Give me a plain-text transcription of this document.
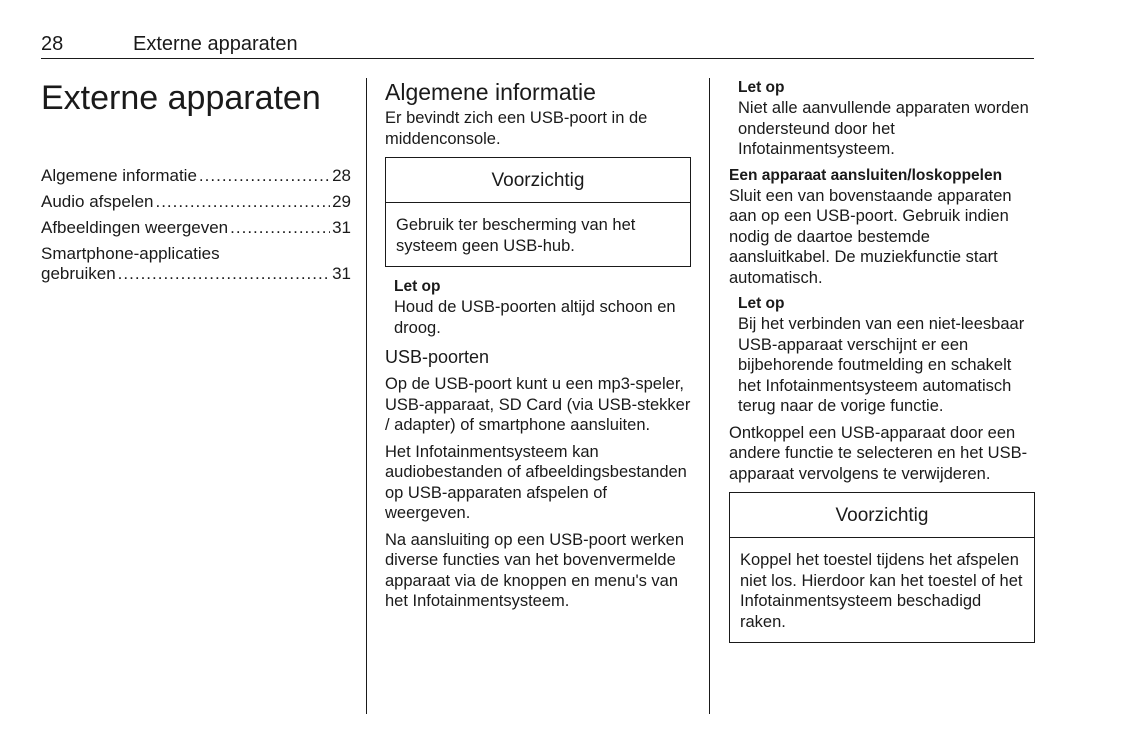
28	Externe apparaten
Externe apparaten
Algemene informatie .....	28
Audio afspelen .....	29
Afbeeldingen weergeven .....	31
Smartphone-applicaties
gebruiken .....	31
Algemene informatie

Er bevindt zich een USB-poort in de middenconsole.

Voorzichtig
Gebruik ter bescherming van het systeem geen USB-hub.
Let op
Houd de USB-poorten altijd schoon en droog.
USB-poorten

Op de USB-poort kunt u een mp3-speler, USB-apparaat, SD Card (via USB-stekker / adapter) of smartphone aansluiten.

Het Infotainmentsysteem kan audiobestanden of afbeeldingsbestanden op USB-apparaten afspelen of weergeven.

Na aansluiting op een USB-poort werken diverse functies van het bovenvermelde apparaat via de knoppen en menu's van het Infotainmentsysteem.

Let op
Niet alle aanvullende apparaten worden ondersteund door het Infotainmentsysteem.
Een apparaat aansluiten/loskoppelen

Sluit een van bovenstaande apparaten aan op een USB-poort. Gebruik indien nodig de daartoe bestemde aansluitkabel. De muziekfunctie start automatisch.

Let op
Bij het verbinden van een niet-leesbaar USB-apparaat verschijnt er een bijbehorende foutmelding en schakelt het Infotainmentsysteem automatisch terug naar de vorige functie.

Ontkoppel een USB-apparaat door een andere functie te selecteren en het USB-apparaat vervolgens te verwijderen.

Voorzichtig
Koppel het toestel tijdens het afspelen niet los. Hierdoor kan het toestel of het Infotainmentsysteem beschadigd raken.
